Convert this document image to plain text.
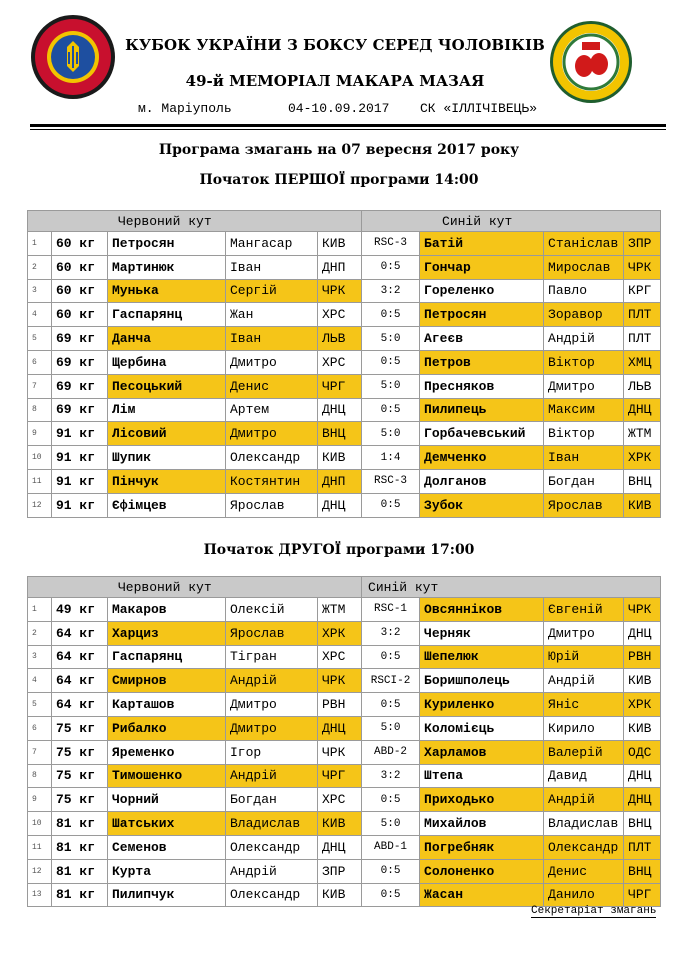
КУБОК УКРАЇНИ З БОКСУ СЕРЕД ЧОЛОВІКІВ
49-й МЕМОРІАЛ МАКАРА МАЗАЯ
м. Маріуполь	04-10.09.2017 СК «ІЛЛІЧІВЕЦЬ»
Програма змагань на 07 вересня 2017 року
Початок ПЕРШОЇ програми 14:00
Червоний кут					Синій кут			
1	60 кг	Петросян	Мангасар	КИВ	RSC-3	Батій	Станіслав	ЗПР
2	60 кг	Мартинюк	Іван	ДНП	0:5	Гончар	Мирослав	ЧРК
3	60 кг	Мунька	Сергій	ЧРК	3:2	Гореленко	Павло	КРГ
4	60 кг	Гаспарянц	Жан	ХРС	0:5	Петросян	Зоравор	ПЛТ
5	69 кг	Данча	Іван	ЛЬВ	5:0	Агеєв	Андрій	ПЛТ
6	69 кг	Щербина	Дмитро	ХРС	0:5	Петров	Віктор	ХМЦ
7	69 кг	Песоцький	Денис	ЧРГ	5:0	Пресняков	Дмитро	ЛЬВ
8	69 кг	Лім	Артем	ДНЦ	0:5	Пилипець	Максим	ДНЦ
9	91 кг	Лісовий	Дмитро	ВНЦ	5:0	Горбачевський	Віктор	ЖТМ
10	91 кг	Шупик	Олександр	КИВ	1:4	Демченко	Іван	ХРК
11	91 кг	Пінчук	Костянтин	ДНП	RSC-3	Долганов	Богдан	ВНЦ
12	91 кг	Єфімцев	Ярослав	ДНЦ	0:5	Зубок	Ярослав	КИВ
Початок ДРУГОЇ програми 17:00
Червоний кут					Синій кут			
1	49 кг	Макаров	Олексій	ЖТМ	RSC-1	Овсянніков	Євгеній	ЧРК
2	64 кг	Харциз	Ярослав	ХРК	3:2	Черняк	Дмитро	ДНЦ
3	64 кг	Гаспарянц	Тігран	ХРС	0:5	Шепелюк	Юрій	РВН
4	64 кг	Смирнов	Андрій	ЧРК	RSCI-2	Боришполець	Андрій	КИВ
5	64 кг	Карташов	Дмитро	РВН	0:5	Куриленко	Яніс	ХРК
6	75 кг	Рибалко	Дмитро	ДНЦ	5:0	Коломієць	Кирило	КИВ
7	75 кг	Яременко	Ігор	ЧРК	ABD-2	Харламов	Валерій	ОДС
8	75 кг	Тимошенко	Андрій	ЧРГ	3:2	Штепа	Давид	ДНЦ
9	75 кг	Чорний	Богдан	ХРС	0:5	Приходько	Андрій	ДНЦ
10	81 кг	Шатських	Владислав	КИВ	5:0	Михайлов	Владислав	ВНЦ
11	81 кг	Семенов	Олександр	ДНЦ	ABD-1	Погребняк	Олександр	ПЛТ
12	81 кг	Курта	Андрій	ЗПР	0:5	Солоненко	Денис	ВНЦ
13	81 кг	Пилипчук	Олександр	КИВ	0:5	Жасан	Данило	ЧРГ
Секретаріат змагань
